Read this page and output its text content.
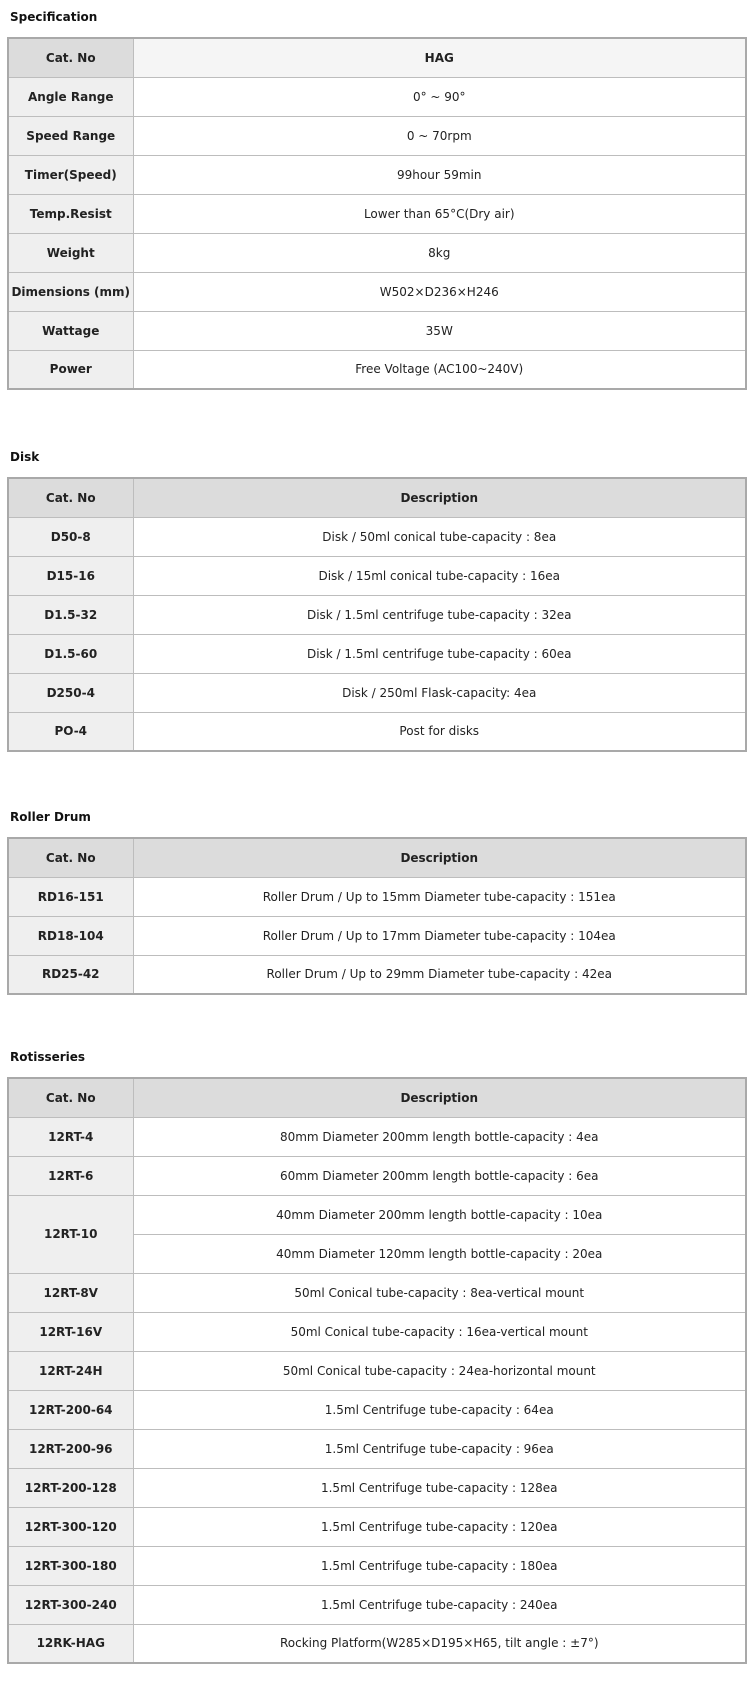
Specification
Cat. No	HAG
Angle Range	0° ~ 90°
Speed Range	0 ~ 70rpm
Timer(Speed)	99hour 59min
Temp.Resist	Lower than 65°C(Dry air)
Weight	8kg
Dimensions (mm)	W502×D236×H246
Wattage	35W
Power	Free Voltage (AC100~240V)
Disk
Cat. No	Description
D50-8	Disk / 50ml conical tube-capacity : 8ea
D15-16	Disk / 15ml conical tube-capacity : 16ea
D1.5-32	Disk / 1.5ml centrifuge tube-capacity : 32ea
D1.5-60	Disk / 1.5ml centrifuge tube-capacity : 60ea
D250-4	Disk / 250ml Flask-capacity: 4ea
PO-4	Post for disks
Roller Drum
Cat. No	Description
RD16-151	Roller Drum / Up to 15mm Diameter tube-capacity : 151ea
RD18-104	Roller Drum / Up to 17mm Diameter tube-capacity : 104ea
RD25-42	Roller Drum / Up to 29mm Diameter tube-capacity : 42ea
Rotisseries
Cat. No	Description
12RT-4	80mm Diameter 200mm length bottle-capacity : 4ea
12RT-6	60mm Diameter 200mm length bottle-capacity : 6ea
12RT-10	40mm Diameter 200mm length bottle-capacity : 10ea
	40mm Diameter 120mm length bottle-capacity : 20ea
12RT-8V	50ml Conical tube-capacity : 8ea-vertical mount
12RT-16V	50ml Conical tube-capacity : 16ea-vertical mount
12RT-24H	50ml Conical tube-capacity : 24ea-horizontal mount
12RT-200-64	1.5ml Centrifuge tube-capacity : 64ea
12RT-200-96	1.5ml Centrifuge tube-capacity : 96ea
12RT-200-128	1.5ml Centrifuge tube-capacity : 128ea
12RT-300-120	1.5ml Centrifuge tube-capacity : 120ea
12RT-300-180	1.5ml Centrifuge tube-capacity : 180ea
12RT-300-240	1.5ml Centrifuge tube-capacity : 240ea
12RK-HAG	Rocking Platform(W285×D195×H65, tilt angle : ±7°)
